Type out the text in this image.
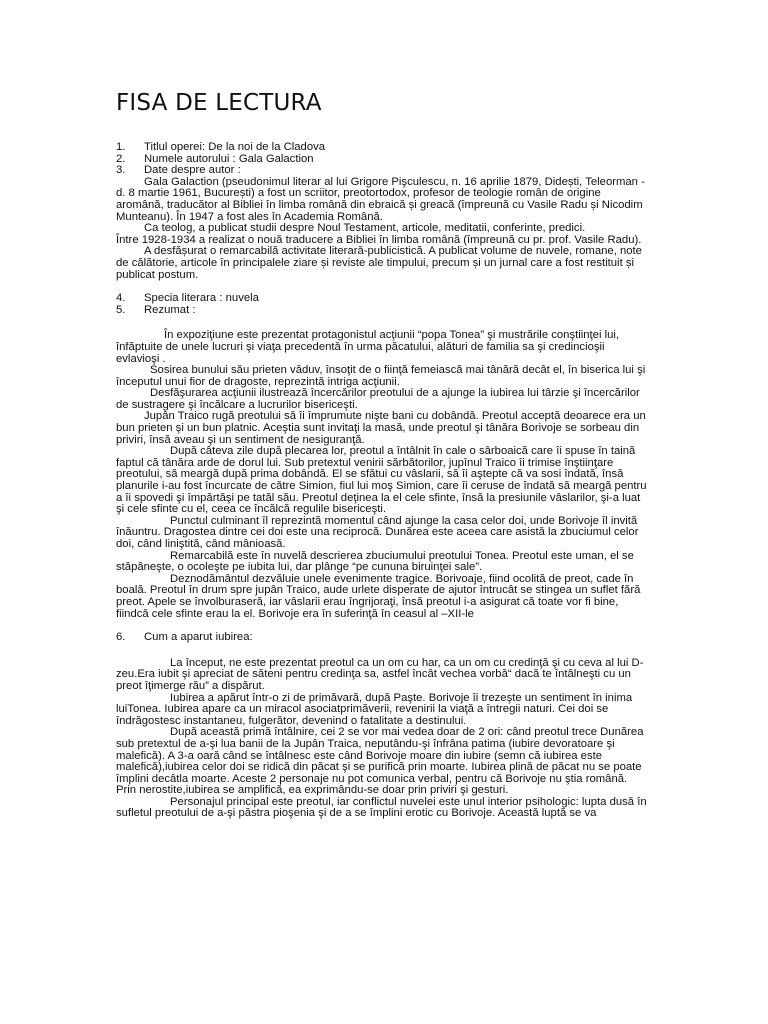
FISA DE LECTURA
1.	Titlul operei: De la noi de la Cladova
2.	Numele autorului : Gala Galaction
3.	Date despre autor :

Gala Galaction (pseudonimul literar al lui Grigore Pişculescu, n. 16 aprilie 1879, Didești, Teleorman - d. 8 martie 1961, București) a fost un scriitor, preotortodox, profesor de teologie român de origine aromână, traducător al Bibliei în limba română din ebraică și greacă (împreună cu Vasile Radu și Nicodim Munteanu). În 1947 a fost ales în Academia Română.

Ca teolog, a publicat studii despre Noul Testament, articole, meditatii, conferinte, predici.

Între 1928-1934 a realizat o nouă traducere a Bibliei în limba română (împreună cu pr. prof. Vasile Radu).

A desfășurat o remarcabilă activitate literară-publicistică. A publicat volume de nuvele, romane, note de călătorie, articole în principalele ziare și reviste ale timpului, precum și un jurnal care a fost restituit și publicat postum.

4.	Specia literara : nuvela
5.	Rezumat :

În expoziţiune este prezentat protagonistul acţiunii “popa Tonea” şi mustrările conştiinţei lui, înfăptuite de unele lucruri şi viaţa precedentă în urma păcatului, alături de familia sa şi credincioşii evlavioşi .

Sosirea bunului său prieten văduv, însoţit de o fiinţă femeiască mai tânără decât el, în biserica lui şi începutul unui fior de dragoste, reprezintă intriga acţiunii.

Desfăşurarea acţiunii ilustrează încercărilor preotului de a ajunge la iubirea lui târzie şi încercărilor de sustragere şi încălcare a lucrurilor bisericeşti.

Jupân Traico rugă preotului să îi împrumute nişte bani cu dobândă. Preotul acceptă deoarece era un bun prieten şi un bun platnic. Aceştia sunt invitaţi la masă, unde preotul şi tânăra Borivoje se sorbeau din priviri, însă aveau şi un sentiment de nesiguranţă.

După câteva zile după plecarea lor, preotul a întâlnit în cale o sârboaică care îi spuse în taină faptul că tânăra arde de dorul lui. Sub pretextul venirii sărbătorilor, jupînul Traico îi trimise înştiinţare preotului, să meargă după prima dobândă. El se sfătui cu vâslarii, să îi aştepte că va sosi îndată, însă planurile i-au fost încurcate de către Simion, fiul lui moş Simion, care îi ceruse de îndată să meargă pentru a îi spovedi şi împărtăşi pe tatăl său. Preotul deţinea la el cele sfinte, însă la presiunile vâslarilor, şi-a luat şi cele sfinte cu el, ceea ce încălcă regulile bisericeşti.

Punctul culminant îl reprezintă momentul când ajunge la casa celor doi, unde Borivoje îl invită înăuntru. Dragostea dintre cei doi este una reciprocă. Dunărea este aceea care asistă la zbuciumul celor

doi, când liniştită, când mânioasă.

Remarcabilă este în nuvelă descrierea zbuciumului preotului Tonea. Preotul este uman, el se stăpâneşte, o ocoleşte pe iubita lui, dar plânge “pe cununa biruinţei sale”.

Deznodământul dezvăluie unele evenimente tragice. Borivoaje, fiind ocolită de preot, cade în boală. Preotul în drum spre jupân Traico, aude urlete disperate de ajutor întrucât se stingea un suflet fără preot. Apele se învolburaseră, iar vâslarii erau îngrijoraţi, însă preotul i-a asigurat că toate vor fi bine, fiindcă cele sfinte erau la el. Borivoje era în suferinţă în ceasul al –XII-le

6.	Cum a aparut iubirea:

La început, ne este prezentat preotul ca un om cu har, ca un om cu credinţă şi cu ceva al lui D-zeu.Era iubit şi apreciat de săteni pentru credinţa sa, astfel încât vechea vorbă“ dacă te întâlneşti cu un preot îţimerge rău” a dispărut.

Iubirea a apărut într-o zi de primăvară, după Paşte. Borivoje îi trezeşte un sentiment în inima luiTonea. Iubirea apare ca un miracol asociatprimăverii, revenirii la viaţă a întregii naturi. Cei doi se îndrăgostesc instantaneu, fulgerător, devenind o fatalitate a destinului.

După această primă întâlnire, cei 2 se vor mai vedea doar de 2 ori: când preotul trece Dunărea

sub pretextul de a-şi lua banii de la Jupân Traica, neputându-şi înfrâna patima (iubire devoratoare şi malefică). A 3-a oară când se întâlnesc este când Borivoje moare din iubire (semn că iubirea este malefică),iubirea celor doi se ridică din păcat şi se purifică prin moarte. Iubirea plină de păcat nu se poate împlini decâtla moarte. Aceste 2 personaje nu pot comunica verbal, pentru că Borivoje nu ştia română. Prin nerostite,iubirea se amplifică, ea exprimându-se doar prin priviri şi gesturi.

Personajul principal este preotul, iar conflictul nuvelei este unul interior psihologic: lupta dusă în sufletul preotului de a-şi păstra pioşenia şi de a se împlini erotic cu Borivoje. Această luptă se va
